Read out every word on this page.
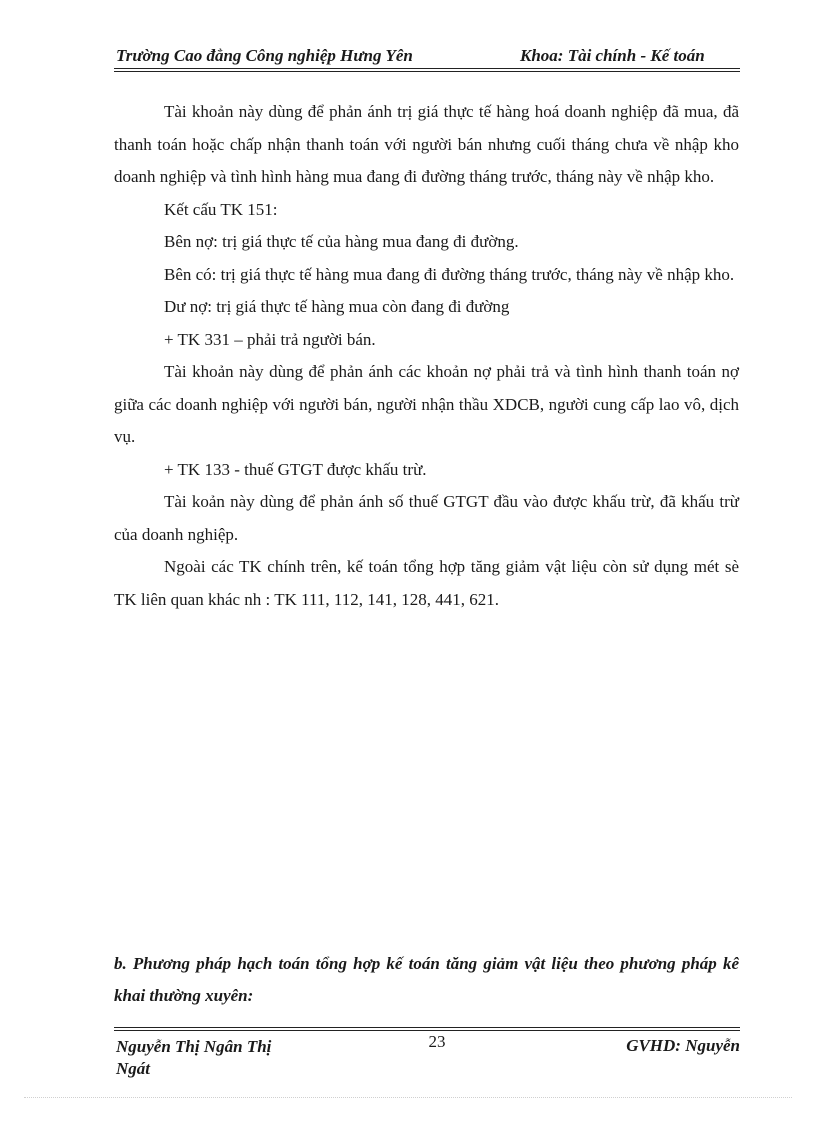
Trường Cao đẳng Công nghiệp Hưng Yên	Khoa: Tài chính - Kế toán

Tài khoản này dùng để phản ánh trị giá thực tế hàng hoá doanh nghiệp đã mua, đã thanh toán hoặc chấp nhận thanh toán với người bán nhưng cuối tháng chưa về nhập kho doanh nghiệp và tình hình hàng mua đang đi đường tháng trước, tháng này về nhập kho.

Kết cấu TK 151:

Bên nợ: trị giá thực tế của hàng mua đang đi đường.

Bên có: trị giá thực tế hàng mua đang đi đường tháng trước, tháng này về nhập kho.

Dư nợ: trị giá thực tế hàng mua còn đang đi đường

+ TK 331 – phải trả người bán.

Tài khoản này dùng để phản ánh các khoản nợ phải trả và tình hình thanh toán nợ giữa các doanh nghiệp với người bán, người nhận thầu XDCB, người cung cấp lao vô, dịch vụ.

+ TK 133 - thuế GTGT được khấu trừ.

Tài koản này dùng để phản ánh số thuế GTGT đầu vào được khấu trừ, đã khấu trừ của doanh nghiệp.

Ngoài các TK chính trên, kế toán tổng hợp tăng giảm vật liệu còn sử dụng mét sè TK liên quan khác nh : TK 111, 112, 141, 128, 441, 621.

b. Phương pháp hạch toán tổng hợp kế toán tăng giảm vật liệu theo phương pháp kê khai thường xuyên:

Nguyễn Thị Ngân Thị Ngát
23	GVHD: Nguyễn
